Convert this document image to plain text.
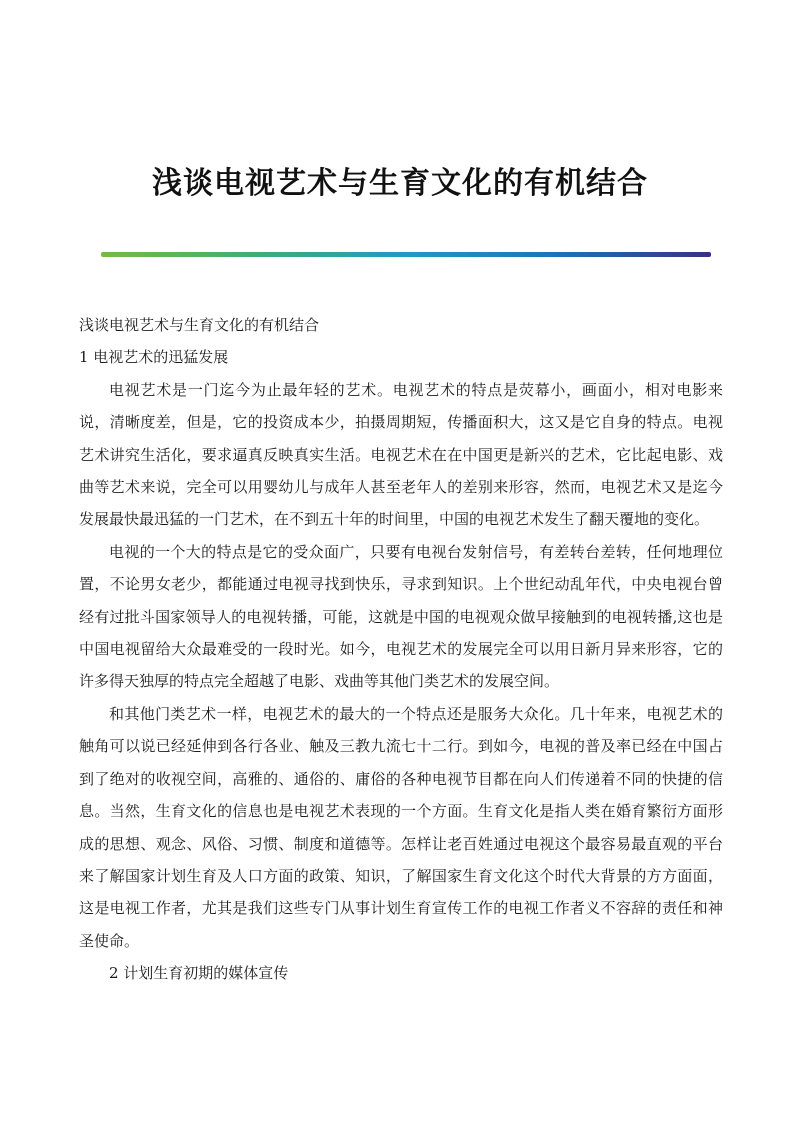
浅谈电视艺术与生育文化的有机结合

浅谈电视艺术与生育文化的有机结合

1 电视艺术的迅猛发展

电视艺术是一门迄今为止最年轻的艺术。电视艺术的特点是荧幕小，画面小，相对电影来说，清晰度差，但是，它的投资成本少，拍摄周期短，传播面积大，这又是它自身的特点。电视艺术讲究生活化，要求逼真反映真实生活。电视艺术在在中国更是新兴的艺术，它比起电影、戏曲等艺术来说，完全可以用婴幼儿与成年人甚至老年人的差别来形容，然而，电视艺术又是迄今发展最快最迅猛的一门艺术，在不到五十年的时间里，中国的电视艺术发生了翻天覆地的变化。

电视的一个大的特点是它的受众面广，只要有电视台发射信号，有差转台差转，任何地理位置，不论男女老少，都能通过电视寻找到快乐，寻求到知识。上个世纪动乱年代，中央电视台曾经有过批斗国家领导人的电视转播，可能，这就是中国的电视观众做早接触到的电视转播,这也是中国电视留给大众最难受的一段时光。如今，电视艺术的发展完全可以用日新月异来形容，它的许多得天独厚的特点完全超越了电影、戏曲等其他门类艺术的发展空间。

和其他门类艺术一样，电视艺术的最大的一个特点还是服务大众化。几十年来，电视艺术的触角可以说已经延伸到各行各业、触及三教九流七十二行。到如今，电视的普及率已经在中国占到了绝对的收视空间，高雅的、通俗的、庸俗的各种电视节目都在向人们传递着不同的快捷的信息。当然，生育文化的信息也是电视艺术表现的一个方面。生育文化是指人类在婚育繁衍方面形成的思想、观念、风俗、习惯、制度和道德等。怎样让老百姓通过电视这个最容易最直观的平台来了解国家计划生育及人口方面的政策、知识，了解国家生育文化这个时代大背景的方方面面，这是电视工作者，尤其是我们这些专门从事计划生育宣传工作的电视工作者义不容辞的责任和神圣使命。

2 计划生育初期的媒体宣传
